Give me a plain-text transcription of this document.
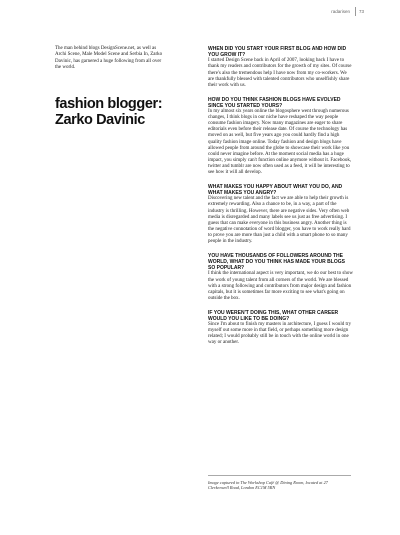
radarisen 73

The man behind blogs DesignScene.net, as well as Archi Scene, Male Model Scene and Serbia In, Zarko Davinic, has garnered a huge following from all over the world.

fashion blogger:
Zarko Davinic

WHEN DID YOU START YOUR FIRST BLOG AND HOW DID YOU GROW IT?

I started Design Scene back in April of 2007, looking back I have to thank my readers and contributors for the growth of my sites. Of course there's also the tremendous help I have now from my co-workers. We are thankfully blessed with talented contributors who unselfishly share their work with us.

HOW DO YOU THINK FASHION BLOGS HAVE EVOLVED SINCE YOU STARTED YOURS?

In my almost six years online the blogosphere went through numerous changes, I think blogs in our niche have reshaped the way people consume fashion imagery. Now many magazines are eager to share editorials even before their release date. Of course the technology has moved on as well, but five years ago you could hardly find a high quality fashion image online. Today fashion and design blogs have allowed people from around the globe to showcase their work like you could never imagine before. At the moment social media has a huge impact, you simply can't function online anymore without it. Facebook, twitter and tumblr are now often used as a feed, it will be interesting to see how it will all develop.

WHAT MAKES YOU HAPPY ABOUT WHAT YOU DO, AND WHAT MAKES YOU ANGRY?

Discovering new talent and the fact we are able to help their growth is extremely rewarding. Also a chance to be, in a way, a part of the industry is thrilling. However, there are negative sides. Very often web media is disregarded and many labels see us just as free advertising. I guess that can make everyone in this business angry. Another thing is the negative connotation of word blogger, you have to work really hard to prove you are more than just a child with a smart phone to so many people in the industry.

YOU HAVE THOUSANDS OF FOLLOWERS AROUND THE WORLD, WHAT DO YOU THINK HAS MADE YOUR BLOGS SO POPULAR?

I think the international aspect is very important, we do our best to show the work of young talent from all corners of the world. We are blessed with a strong following and contributors from major design and fashion capitals, but it is sometimes far more exciting to see what's going on outside the box.

IF YOU WEREN'T DOING THIS, WHAT OTHER CAREER WOULD YOU LIKE TO BE DOING?

Since I'm about to finish my masters in architecture, I guess I would try myself out some more in that field, or perhaps something more design related; I would probably still be in touch with the online world in one way or another.

Image captured in The Workshop Café @ Dining Room, located at 27 Clerkenwell Road, London EC1M 5RN
